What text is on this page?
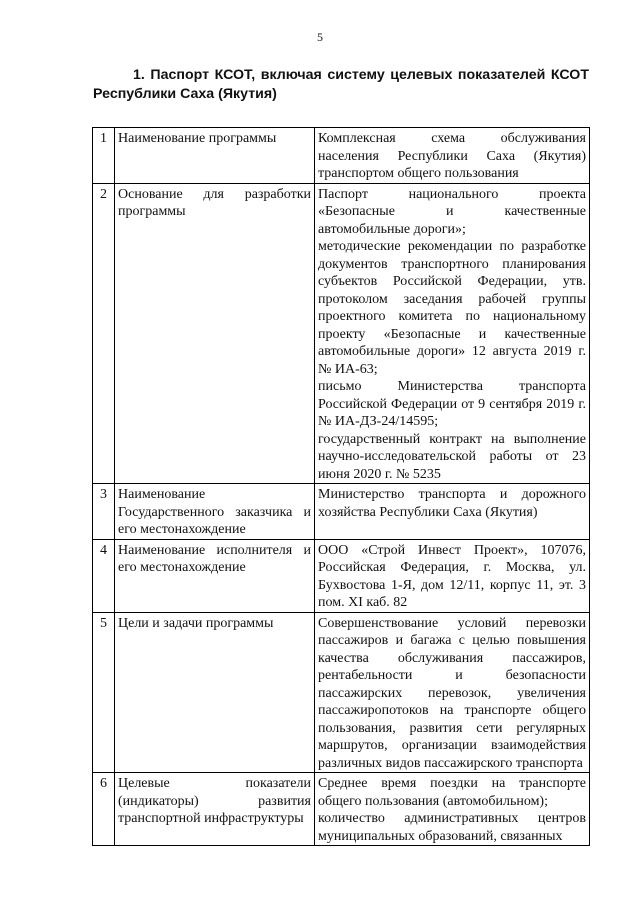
5

1. Паспорт КСОТ, включая систему целевых показателей КСОТ Республики Саха (Якутия)

1	Наименование программы	Комплексная схема обслуживания населения Республики Саха (Якутия) транспортом общего пользования

2	Основание для разработки программы	Паспорт национального проекта «Безопасные и качественные автомобильные дороги»;
методические рекомендации по разработке документов транспортного планирования субъектов Российской Федерации, утв. протоколом заседания рабочей группы проектного комитета по национальному проекту «Безопасные и качественные автомобильные дороги» 12 августа 2019 г. № ИА-63;
письмо Министерства транспорта Российской Федерации от 9 сентября 2019 г. № ИА-ДЗ-24/14595;
государственный контракт на выполнение научно-исследовательской работы от 23 июня 2020 г. № 5235

3	Наименование Государственного заказчика и его местонахождение	Министерство транспорта и дорожного хозяйства Республики Саха (Якутия)

4	Наименование исполнителя и его местонахождение	ООО «Строй Инвест Проект», 107076, Российская Федерация, г. Москва, ул. Бухвостова 1-Я, дом 12/11, корпус 11, эт. 3 пом. XI каб. 82

5	Цели и задачи программы	Совершенствование условий перевозки пассажиров и багажа с целью повышения качества обслуживания пассажиров, рентабельности и безопасности пассажирских перевозок, увеличения пассажиропотоков на транспорте общего пользования, развития сети регулярных маршрутов, организации взаимодействия различных видов пассажирского транспорта

6	Целевые показатели (индикаторы) развития транспортной инфраструктуры	Среднее время поездки на транспорте общего пользования (автомобильном);
количество административных центров муниципальных образований, связанных
